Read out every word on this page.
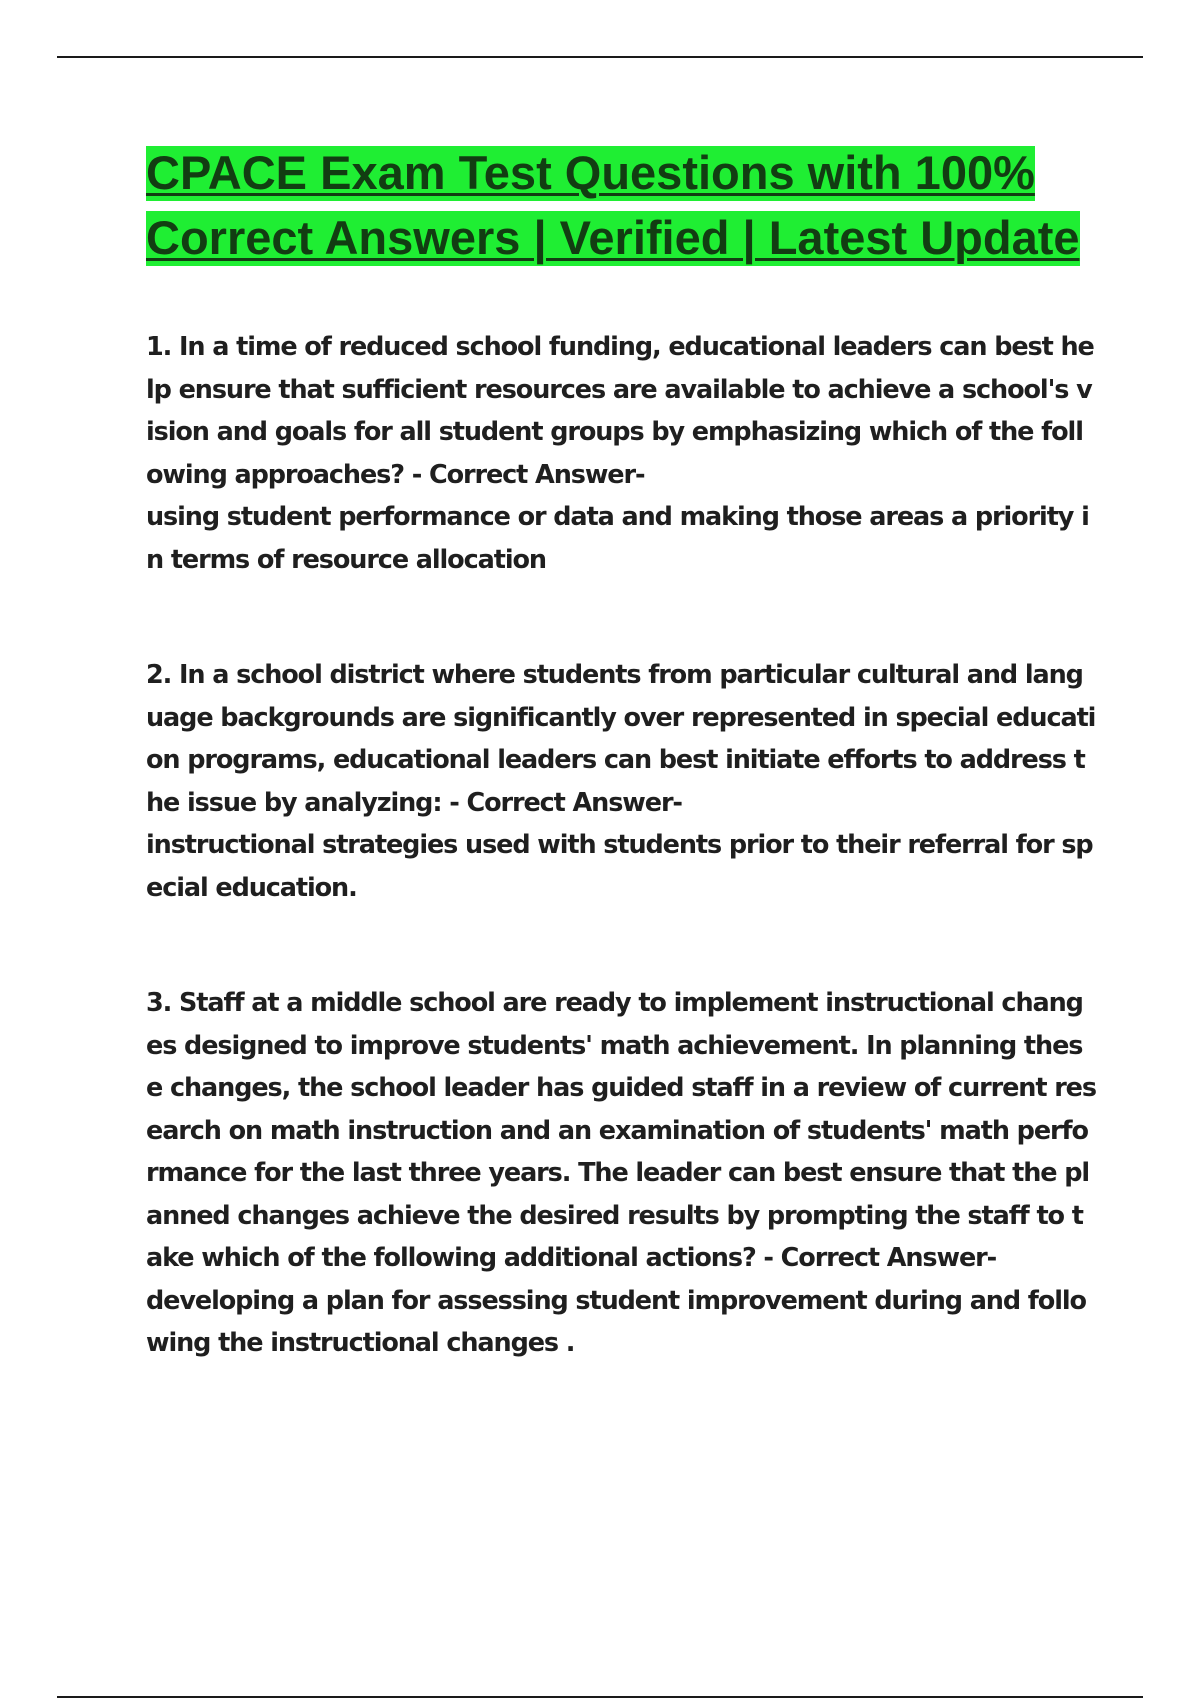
CPACE Exam Test Questions with 100% Correct Answers | Verified | Latest Update

1. In a time of reduced school funding, educational leaders can best help ensure that sufficient resources are available to achieve a school's vision and goals for all student groups by emphasizing which of the following approaches? - Correct Answer-
using student performance or data and making those areas a priority in terms of resource allocation

2. In a school district where students from particular cultural and language backgrounds are significantly over represented in special education programs, educational leaders can best initiate efforts to address the issue by analyzing: - Correct Answer-
instructional strategies used with students prior to their referral for special education.

3. Staff at a middle school are ready to implement instructional changes designed to improve students' math achievement. In planning these changes, the school leader has guided staff in a review of current research on math instruction and an examination of students' math performance for the last three years. The leader can best ensure that the planned changes achieve the desired results by prompting the staff to take which of the following additional actions? - Correct Answer-
developing a plan for assessing student improvement during and following the instructional changes .
